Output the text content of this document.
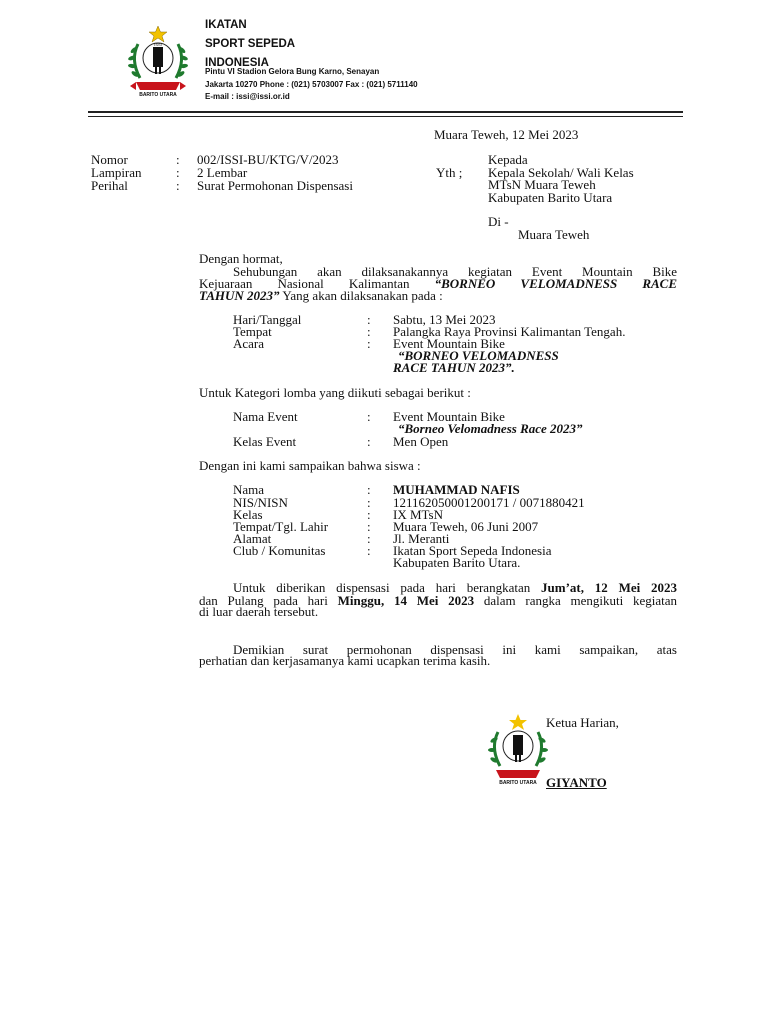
BARITO UTARA
ISSI
IKATAN
SPORT SEPEDA
INDONESIA
Pintu VI Stadion Gelora Bung Karno, Senayan
Jakarta 10270 Phone : (021) 5703007 Fax : (021) 5711140
E-mail : issi@issi.or.id
Muara Teweh, 12 Mei 2023
Nomor	: 002/ISSI-BU/KTG/V/2023
Lampiran	: 2 Lembar
Perihal	: Surat Permohonan Dispensasi
Kepada
Yth ; Kepala Sekolah/ Wali Kelas
MTsN Muara Teweh
Kabupaten Barito Utara
Di -
Muara Teweh
Dengan hormat,
Sehubungan akan dilaksanakannya kegiatan Event Mountain Bike
Kejuaraan Nasional Kalimantan “BORNEO VELOMADNESS RACE
TAHUN 2023” Yang akan dilaksanakan pada :
Hari/Tanggal	: Sabtu, 13 Mei 2023
Tempat	: Palangka Raya Provinsi Kalimantan Tengah.
Acara	: Event Mountain Bike
“BORNEO VELOMADNESS
RACE TAHUN 2023”.
Untuk Kategori lomba yang diikuti sebagai berikut :
Nama Event	: Event Mountain Bike
“Borneo Velomadness Race 2023”
Kelas Event	: Men Open
Dengan ini kami sampaikan bahwa siswa :
Nama	: MUHAMMAD NAFIS
NIS/NISN	: 121162050001200171 / 0071880421
Kelas	: IX MTsN
Tempat/Tgl. Lahir	: Muara Teweh, 06 Juni 2007
Alamat	: Jl. Meranti
Club / Komunitas	: Ikatan Sport Sepeda Indonesia
Kabupaten Barito Utara.
Untuk diberikan dispensasi pada hari berangkatan Jum’at, 12 Mei 2023
dan Pulang pada hari Minggu, 14 Mei 2023 dalam rangka mengikuti kegiatan
di luar daerah tersebut.
Demikian surat permohonan dispensasi ini kami sampaikan, atas
perhatian dan kerjasamanya kami ucapkan terima kasih.
BARITO UTARA
Ketua Harian,
GIYANTO
